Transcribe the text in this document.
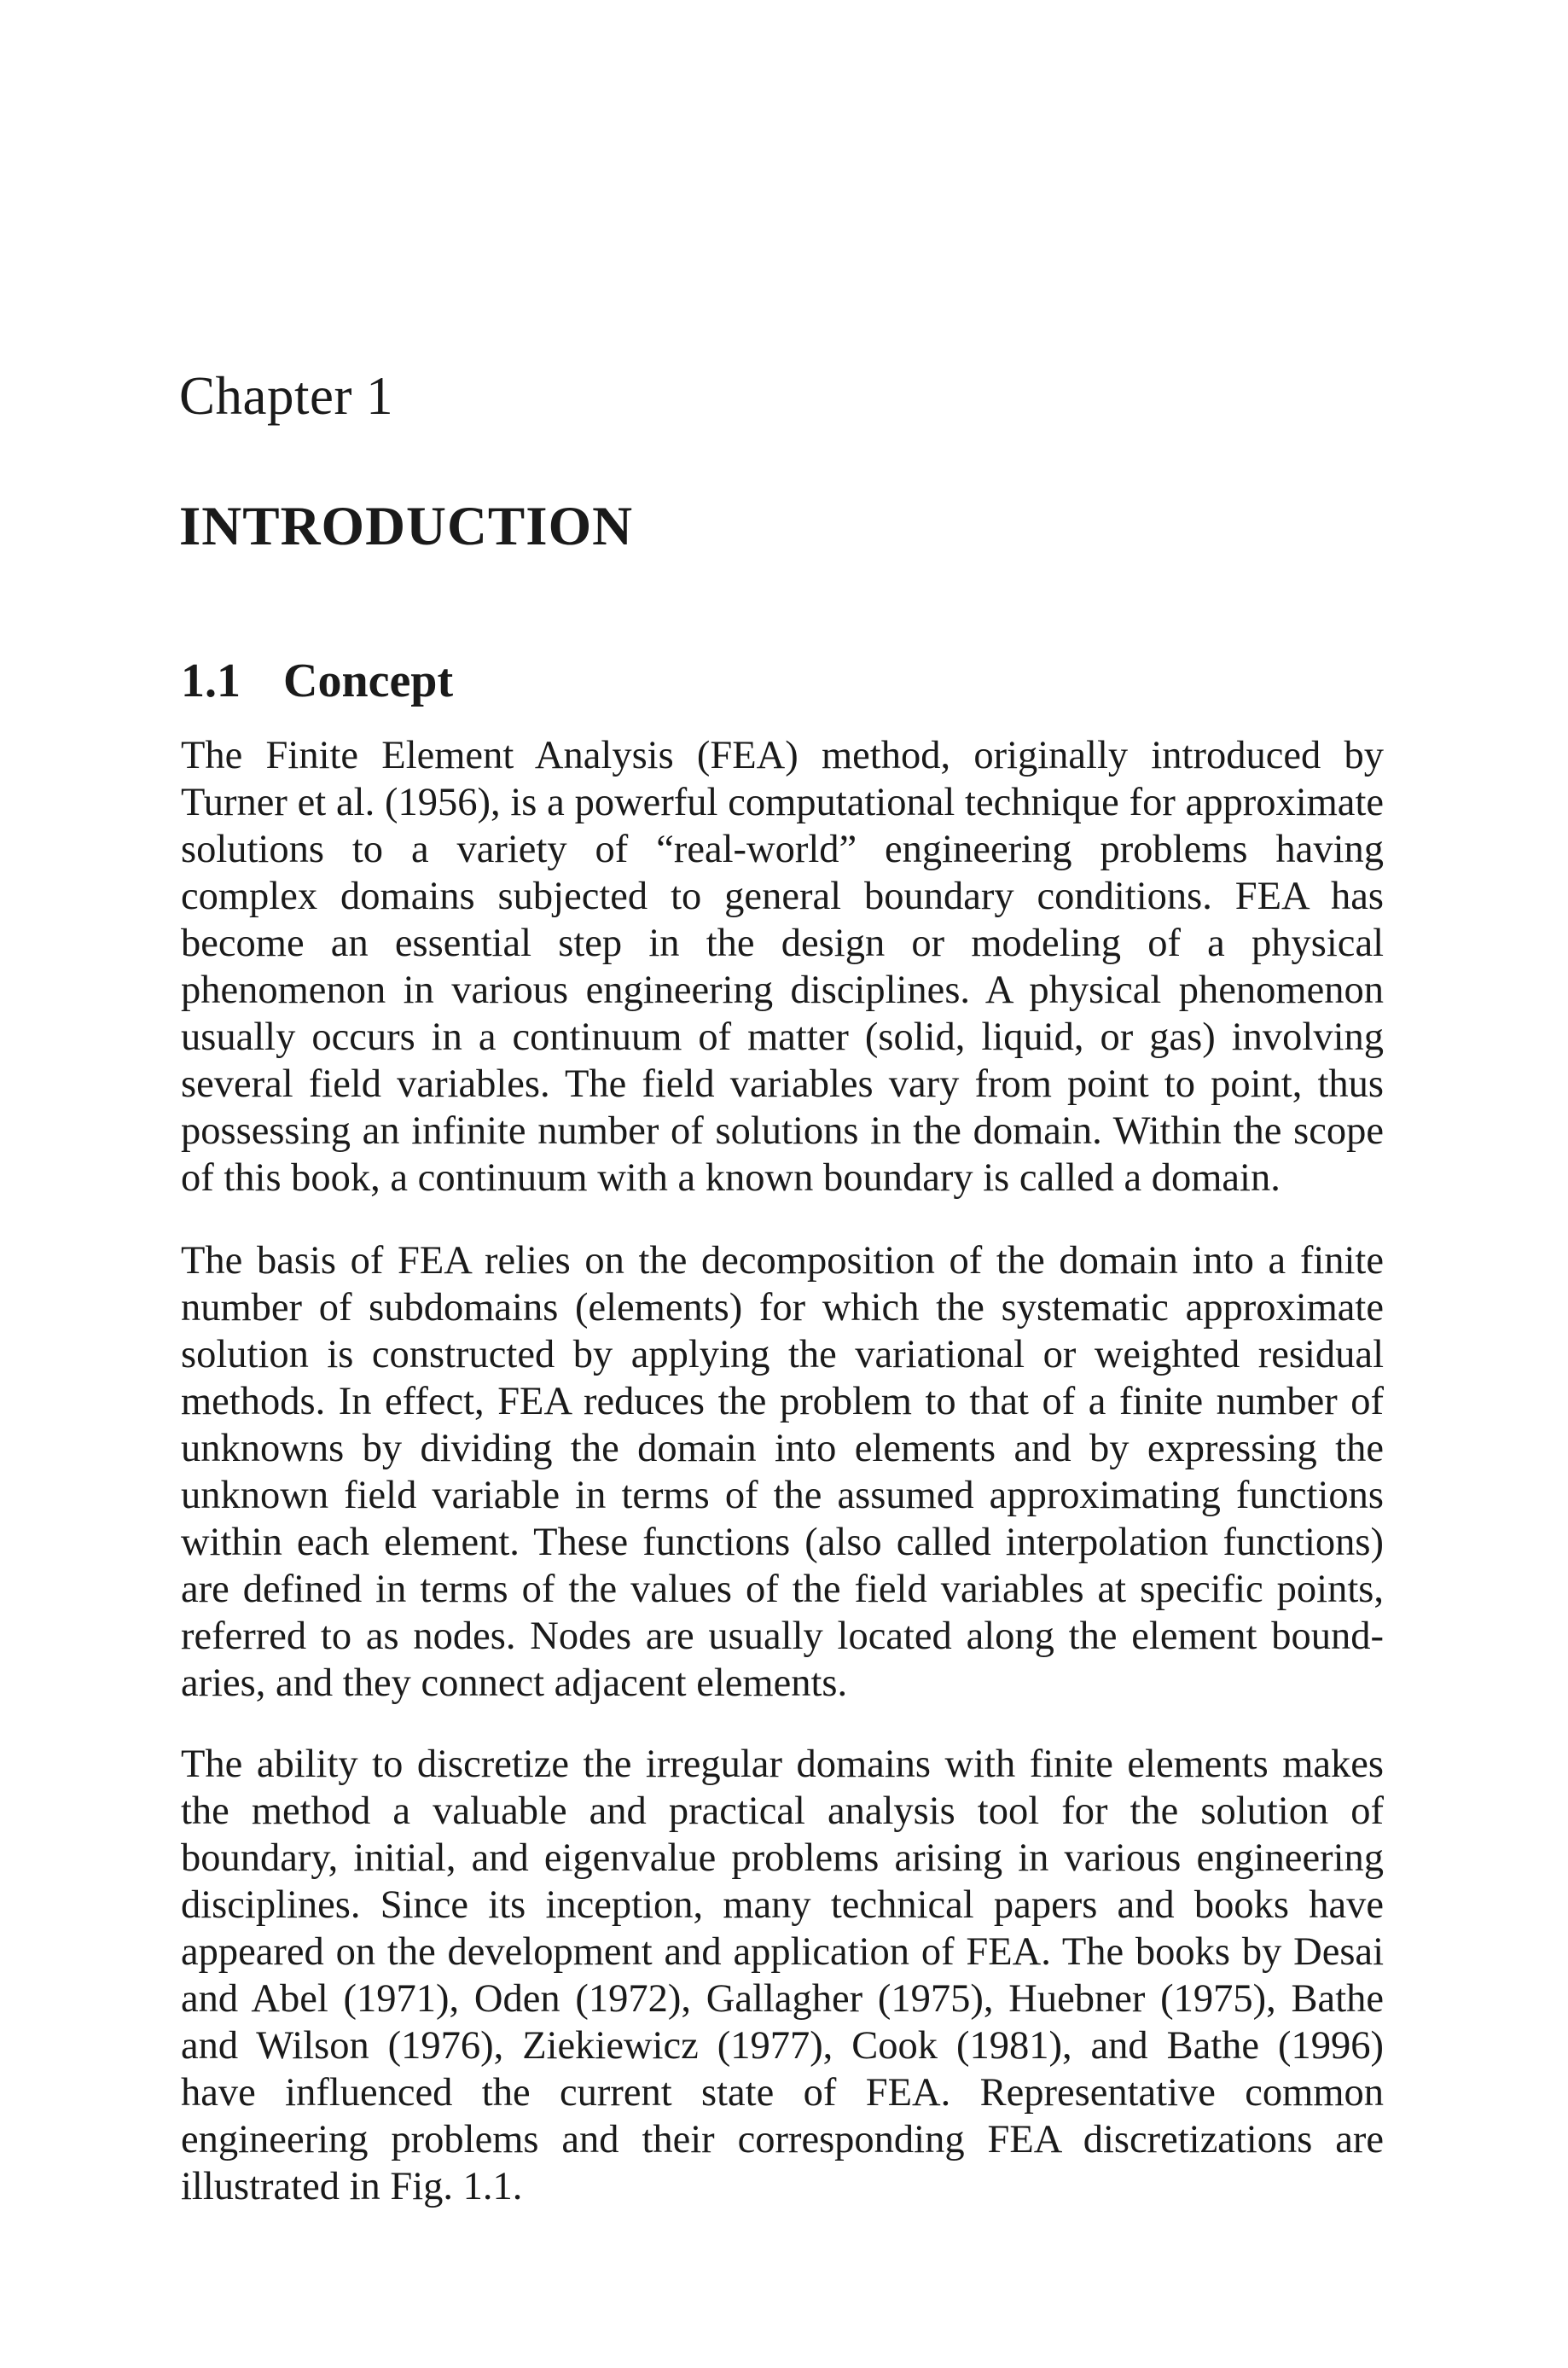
Chapter 1
INTRODUCTION
1.1 Concept

The Finite Element Analysis (FEA) method, originally introduced by Turner et al. (1956), is a powerful computational technique for approximate solutions to a variety of “real-world” engineering problems having complex domains subjected to general boundary conditions. FEA has become an essential step in the design or modeling of a physical phenomenon in various engineering disciplines. A physical phenomenon usually occurs in a continuum of matter (solid, liquid, or gas) involving several field variables. The field variables vary from point to point, thus possessing an infinite number of solutions in the domain. Within the scope of this book, a continuum with a known boundary is called a domain.

The basis of FEA relies on the decomposition of the domain into a finite number of subdomains (elements) for which the systematic approximate solution is constructed by applying the variational or weighted residual methods. In effect, FEA reduces the problem to that of a finite number of unknowns by dividing the domain into elements and by expressing the unknown field variable in terms of the assumed approximating functions within each element. These functions (also called interpolation functions) are defined in terms of the values of the field variables at specific points, referred to as nodes. Nodes are usually located along the element boundaries, and they connect adjacent elements.

The ability to discretize the irregular domains with finite elements makes the method a valuable and practical analysis tool for the solution of boundary, initial, and eigenvalue problems arising in various engineering disciplines. Since its inception, many technical papers and books have appeared on the development and application of FEA. The books by Desai and Abel (1971), Oden (1972), Gallagher (1975), Huebner (1975), Bathe and Wilson (1976), Ziekiewicz (1977), Cook (1981), and Bathe (1996) have influenced the current state of FEA. Representative common engineering problems and their corresponding FEA discretizations are illustrated in Fig. 1.1.
